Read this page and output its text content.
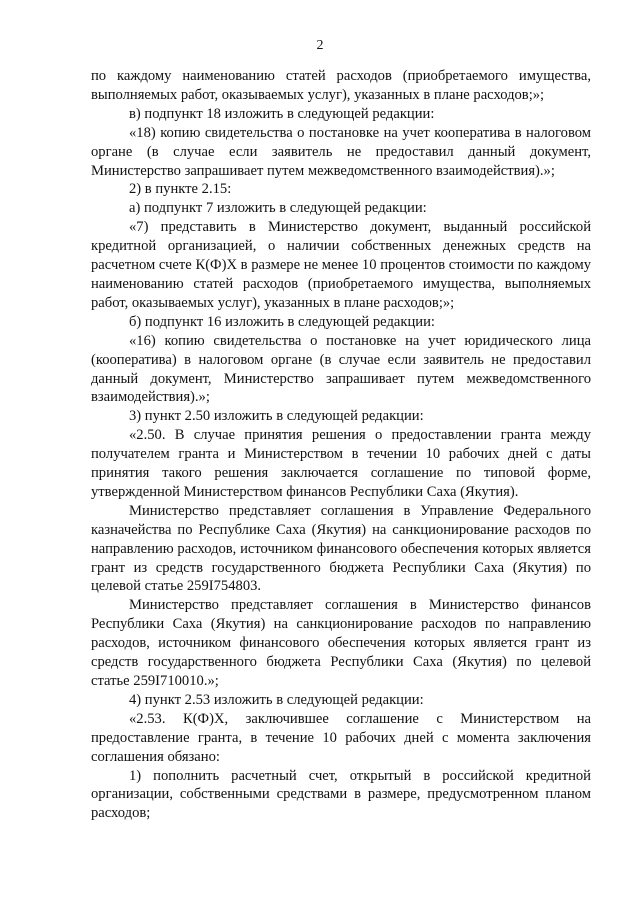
2

по каждому наименованию статей расходов (приобретаемого имущества, выполняемых работ, оказываемых услуг), указанных в плане расходов;»;

в) подпункт 18 изложить в следующей редакции:

«18) копию свидетельства о постановке на учет кооператива в налоговом органе (в случае если заявитель не предоставил данный документ, Министерство запрашивает путем межведомственного взаимодействия).»;

2) в пункте 2.15:

а) подпункт 7 изложить в следующей редакции:

«7) представить в Министерство документ, выданный российской кредитной организацией, о наличии собственных денежных средств на расчетном счете К(Ф)Х в размере не менее 10 процентов стоимости по каждому наименованию статей расходов (приобретаемого имущества, выполняемых работ, оказываемых услуг), указанных в плане расходов;»;

б) подпункт 16 изложить в следующей редакции:

«16) копию свидетельства о постановке на учет юридического лица (кооператива) в налоговом органе (в случае если заявитель не предоставил данный документ, Министерство запрашивает путем межведомственного взаимодействия).»;

3) пункт 2.50 изложить в следующей редакции:

«2.50. В случае принятия решения о предоставлении гранта между получателем гранта и Министерством в течении 10 рабочих дней с даты принятия такого решения заключается соглашение по типовой форме, утвержденной Министерством финансов Республики Саха (Якутия).

Министерство представляет соглашения в Управление Федерального казначейства по Республике Саха (Якутия) на санкционирование расходов по направлению расходов, источником финансового обеспечения которых является грант из средств государственного бюджета Республики Саха (Якутия) по целевой статье 259I754803.

Министерство представляет соглашения в Министерство финансов Республики Саха (Якутия) на санкционирование расходов по направлению расходов, источником финансового обеспечения которых является грант из средств государственного бюджета Республики Саха (Якутия) по целевой статье 259I710010.»;

4) пункт 2.53 изложить в следующей редакции:

«2.53. К(Ф)Х, заключившее соглашение с Министерством на предоставление гранта, в течение 10 рабочих дней с момента заключения соглашения обязано:

1) пополнить расчетный счет, открытый в российской кредитной организации, собственными средствами в размере, предусмотренном планом расходов;
